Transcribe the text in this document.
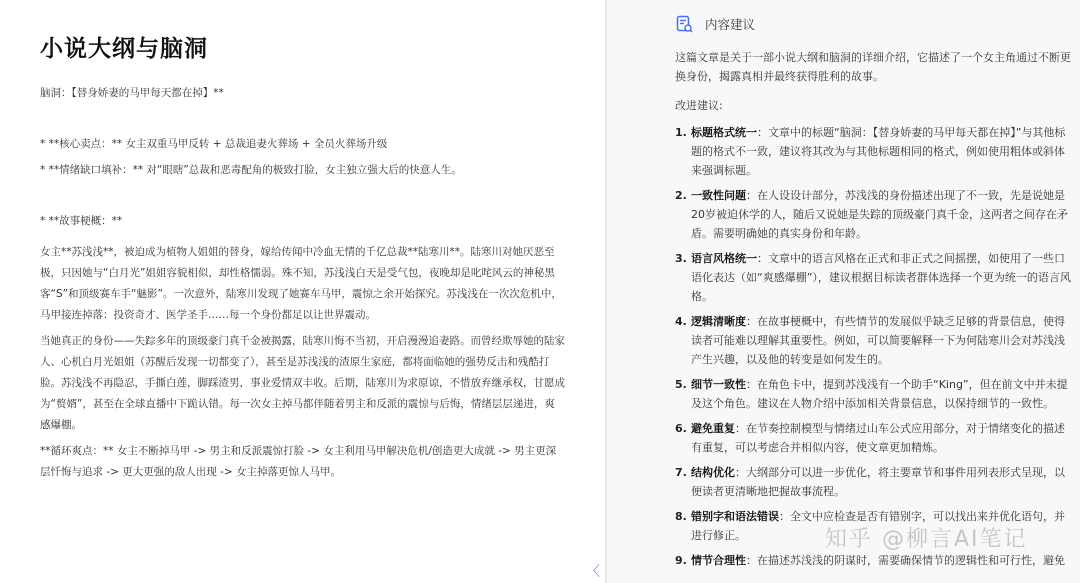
小说大纲与脑洞

脑洞：【替身娇妻的马甲每天都在掉】**

* **核心卖点：** 女主双重马甲反转 + 总裁追妻火葬场 + 全员火葬场升级

* **情绪缺口填补：** 对“眼瞎”总裁和恶毒配角的极致打脸，女主独立强大后的快意人生。

* **故事梗概：**

女主**苏浅浅**，被迫成为植物人姐姐的替身，嫁给传闻中冷血无情的千亿总裁**陆寒川**。陆寒川对她厌恶至极，只因她与“白月光”姐姐容貌相似，却性格懦弱。殊不知，苏浅浅白天是受气包，夜晚却是叱咤风云的神秘黑客“S”和顶级赛车手“魅影”。一次意外，陆寒川发现了她赛车马甲，震惊之余开始探究。苏浅浅在一次次危机中，马甲接连掉落：投资奇才、医学圣手……每一个身份都足以让世界震动。

当她真正的身份——失踪多年的顶级豪门真千金被揭露，陆寒川悔不当初，开启漫漫追妻路。而曾经欺辱她的陆家人、心机白月光姐姐（苏醒后发现一切都变了），甚至是苏浅浅的渣原生家庭，都将面临她的强势反击和残酷打脸。苏浅浅不再隐忍，手撕白莲，脚踩渣男，事业爱情双丰收。后期，陆寒川为求原谅，不惜放弃继承权，甘愿成为“赘婿”，甚至在全球直播中下跪认错。每一次女主掉马都伴随着男主和反派的震惊与后悔，情绪层层递进，爽感爆棚。

**循环爽点：** 女主不断掉马甲 -> 男主和反派震惊打脸 -> 女主利用马甲解决危机/创造更大成就 -> 男主更深层忏悔与追求 -> 更大更强的敌人出现 -> 女主掉落更惊人马甲。

〈
内容建议

这篇文章是关于一部小说大纲和脑洞的详细介绍，它描述了一个女主角通过不断更换身份，揭露真相并最终获得胜利的故事。

改进建议:

1. 标题格式统一：文章中的标题“脑洞：【替身娇妻的马甲每天都在掉】”与其他标题的格式不一致，建议将其改为与其他标题相同的格式，例如使用粗体或斜体来强调标题。
2. 一致性问题：在人设设计部分，苏浅浅的身份描述出现了不一致，先是说她是20岁被迫休学的人，随后又说她是失踪的顶级豪门真千金，这两者之间存在矛盾。需要明确她的真实身份和年龄。
3. 语言风格统一：文章中的语言风格在正式和非正式之间摇摆，如使用了一些口语化表达（如“爽感爆棚”），建议根据目标读者群体选择一个更为统一的语言风格。
4. 逻辑清晰度：在故事梗概中，有些情节的发展似乎缺乏足够的背景信息，使得读者可能难以理解其重要性。例如，可以简要解释一下为何陆寒川会对苏浅浅产生兴趣，以及他的转变是如何发生的。
5. 细节一致性：在角色卡中，提到苏浅浅有一个助手“King”，但在前文中并未提及这个角色。建议在人物介绍中添加相关背景信息，以保持细节的一致性。
6. 避免重复：在节奏控制模型与情绪过山车公式应用部分，对于情绪变化的描述有重复，可以考虑合并相似内容，使文章更加精炼。
7. 结构优化：大纲部分可以进一步优化，将主要章节和事件用列表形式呈现，以便读者更清晰地把握故事流程。
8. 错别字和语法错误：全文中应检查是否有错别字，可以找出来并优化语句，并进行修正。
9. 情节合理性：在描述苏浅浅的阴谋时，需要确保情节的逻辑性和可行性，避免
知乎 @柳言AI笔记
